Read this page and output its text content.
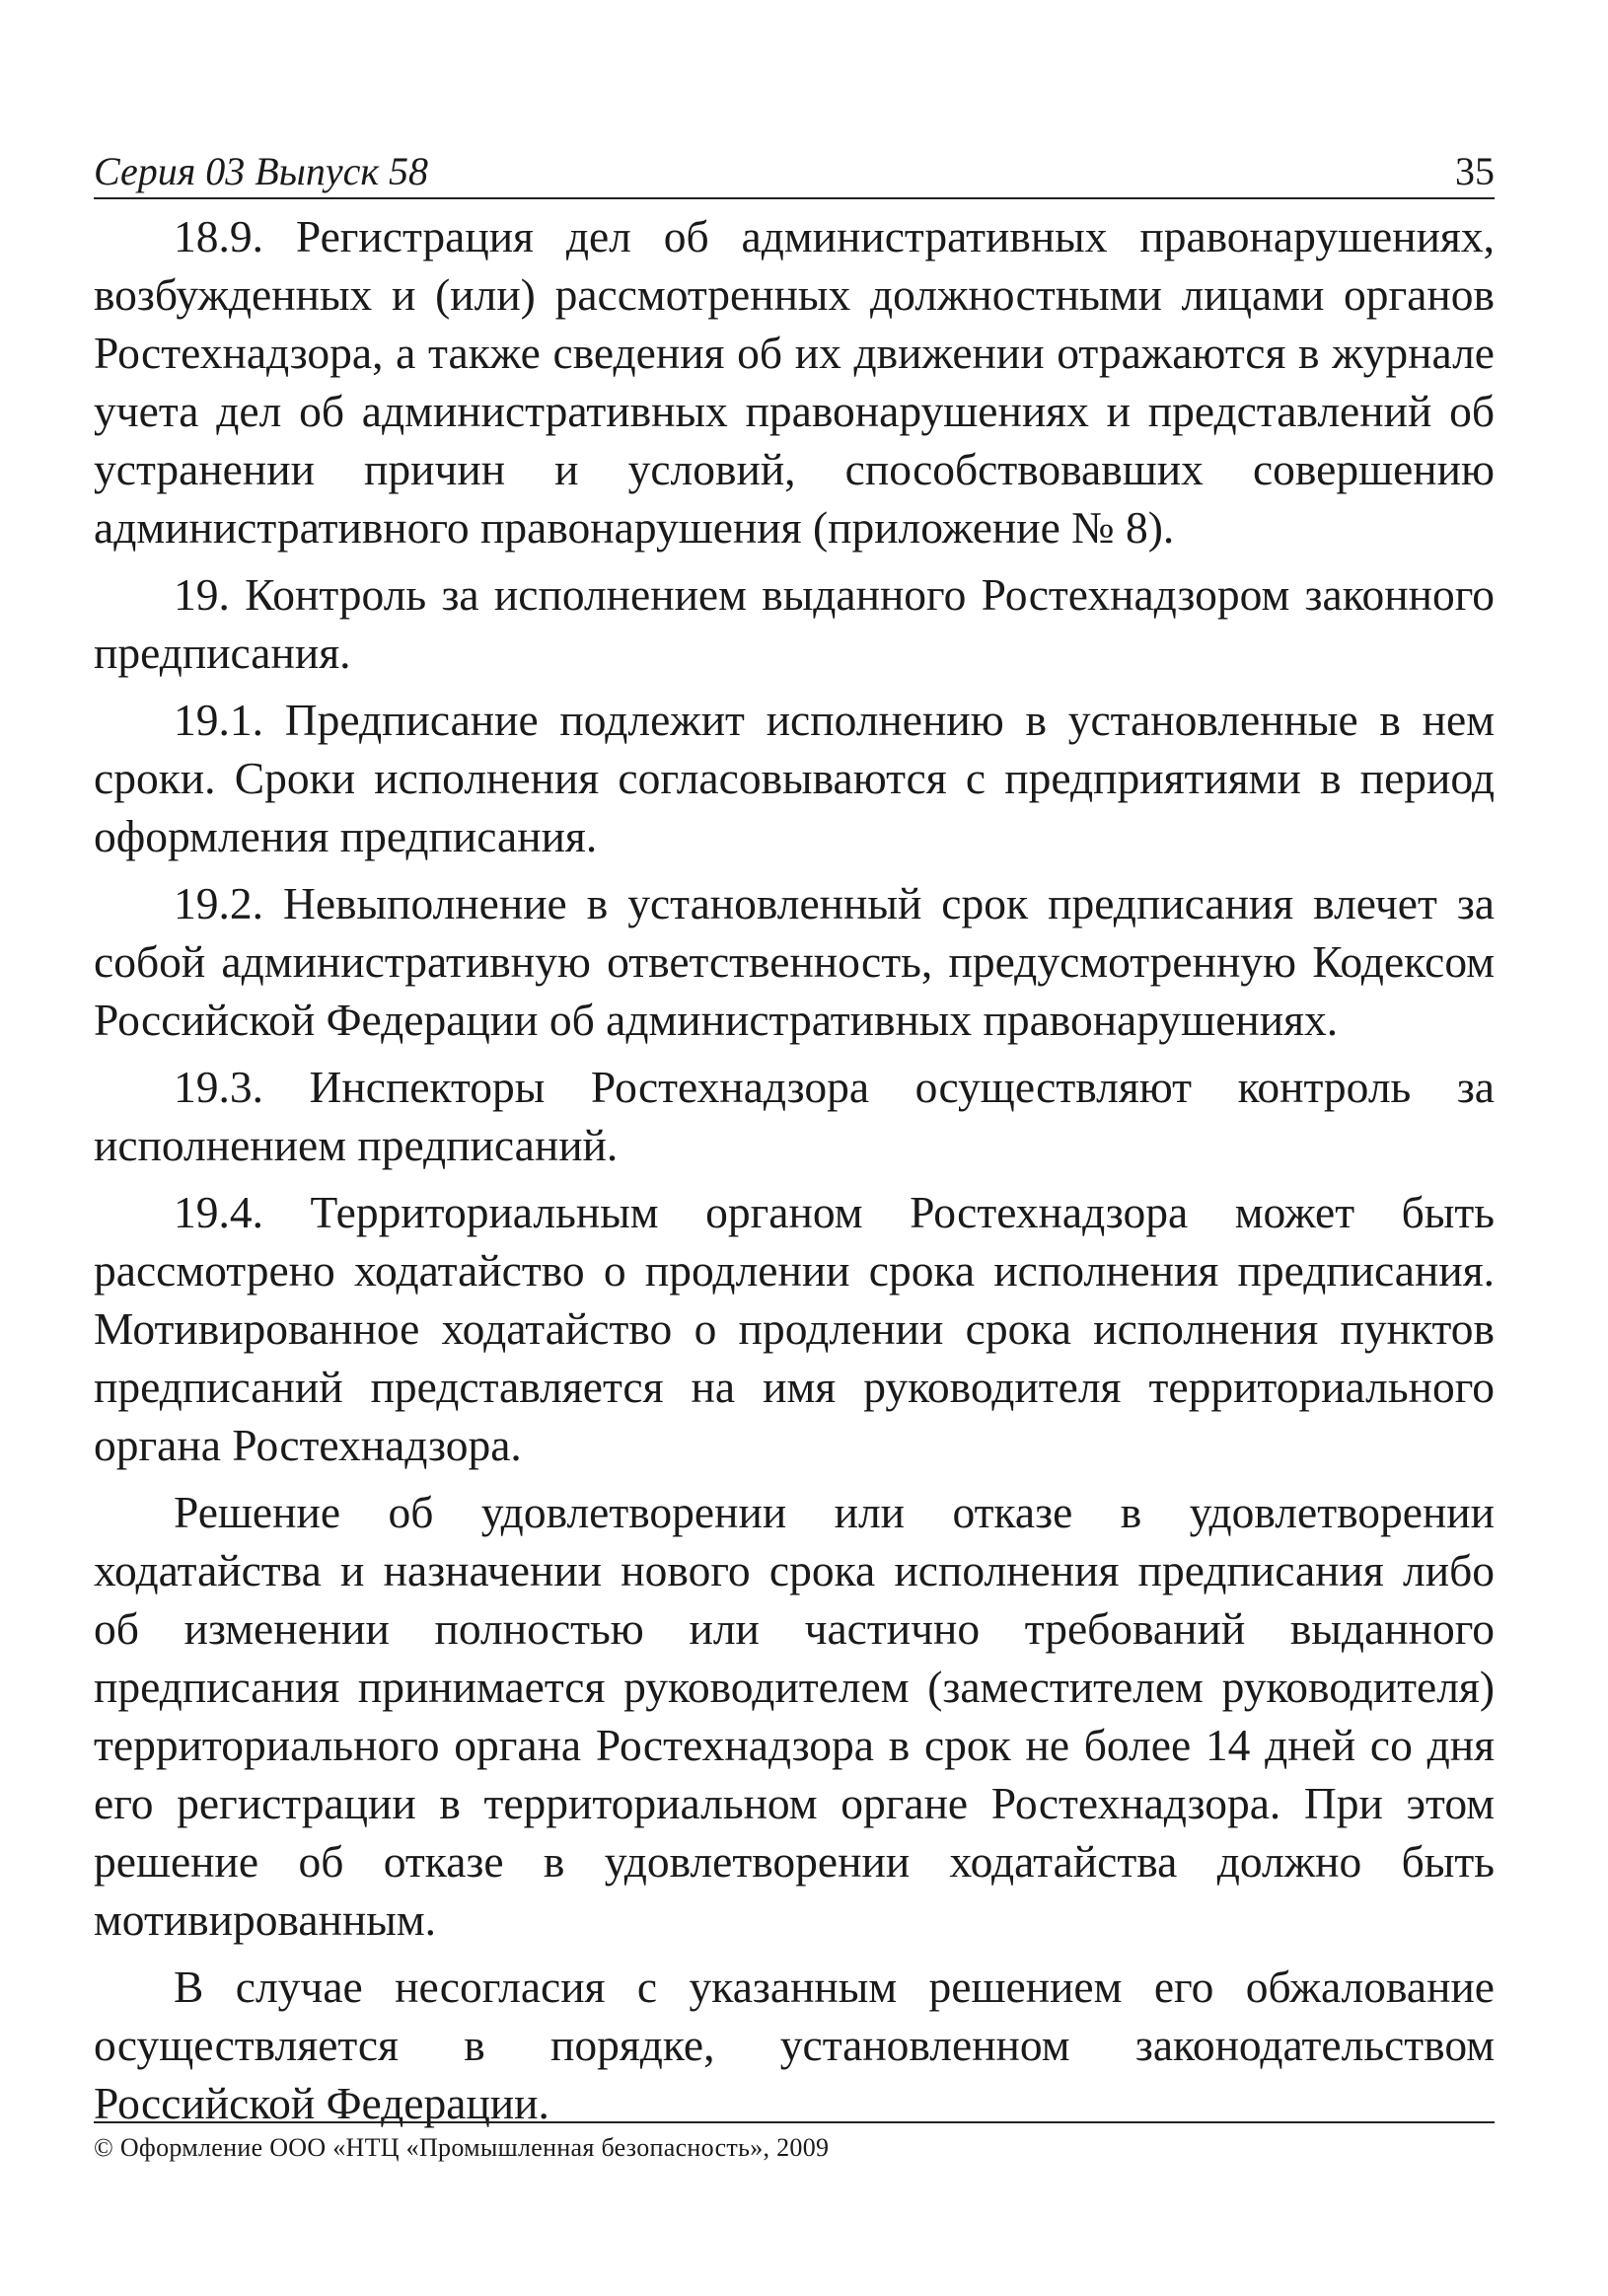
Серия 03 Выпуск 58	35

18.9. Регистрация дел об административных правонарушениях, возбужденных и (или) рассмотренных должностными лицами органов Ростехнадзора, а также сведения об их движении отражаются в журнале учета дел об административных правонарушениях и представлений об устранении причин и условий, способствовавших совершению административного правонарушения (приложение № 8).

19. Контроль за исполнением выданного Ростехнадзором законного предписания.

19.1. Предписание подлежит исполнению в установленные в нем сроки. Сроки исполнения согласовываются с предприятиями в период оформления предписания.

19.2. Невыполнение в установленный срок предписания влечет за собой административную ответственность, предусмотренную Кодексом Российской Федерации об административных правонарушениях.

19.3. Инспекторы Ростехнадзора осуществляют контроль за исполнением предписаний.

19.4. Территориальным органом Ростехнадзора может быть рассмотрено ходатайство о продлении срока исполнения предписания. Мотивированное ходатайство о продлении срока исполнения пунктов предписаний представляется на имя руководителя территориального органа Ростехнадзора.

Решение об удовлетворении или отказе в удовлетворении ходатайства и назначении нового срока исполнения предписания либо об изменении полностью или частично требований выданного предписания принимается руководителем (заместителем руководителя) территориального органа Ростехнадзора в срок не более 14 дней со дня его регистрации в территориальном органе Ростехнадзора. При этом решение об отказе в удовлетворении ходатайства должно быть мотивированным.

В случае несогласия с указанным решением его обжалование осуществляется в порядке, установленном законодательством Российской Федерации.

© Оформление ООО «НТЦ «Промышленная безопасность», 2009
